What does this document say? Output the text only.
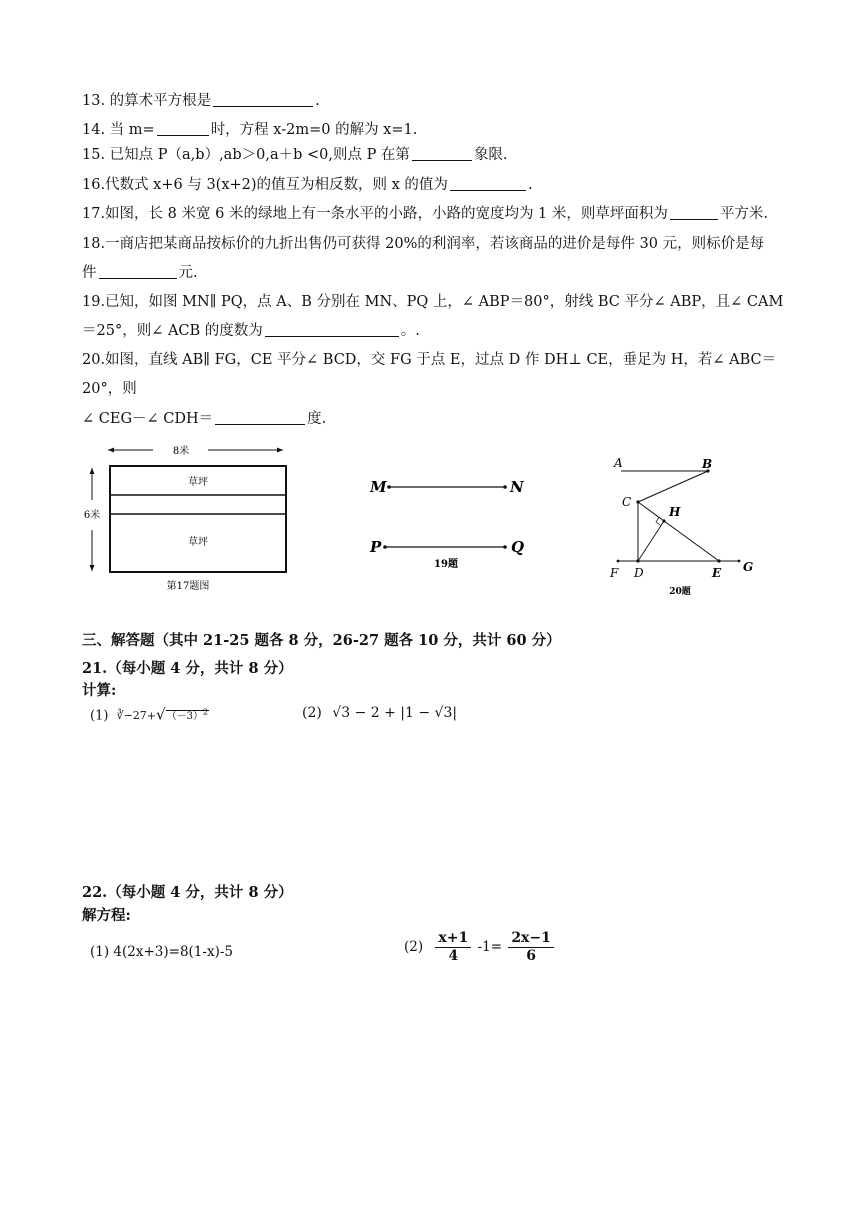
13. 的算术平方根是	.
14. 当 m=	时，方程 x-2m=0 的解为 x=1.
15. 已知点 P（a,b）,ab＞0,a＋b <0,则点 P 在第	象限.
16.代数式 x+6 与 3(x+2)的值互为相反数，则 x 的值为	.
17.如图，长 8 米宽 6 米的绿地上有一条水平的小路，小路的宽度均为 1 米，则草坪面积为	平方米.
18.一商店把某商品按标价的九折出售仍可获得 20%的利润率，若该商品的进价是每件 30 元，则标价是每
件	元.
19.已知，如图 MN∥ PQ，点 A、B 分别在 MN、PQ 上，∠ ABP＝80°，射线 BC 平分∠ ABP，且∠ CAM
＝25°，则∠ ACB 的度数为	。.
20.如图，直线 AB∥ FG，CE 平分∠ BCD，交 FG 于点 E，过点 D 作 DH⊥ CE，垂足为 H，若∠ ABC＝
20°，则
∠ CEG－∠ CDH＝	度.
8米
6米
草坪
草坪
第17题图
M	N
P	Q
19题
A	B
C
H
F D	E G
20题
三、解答题（其中 21-25 题各 8 分，26-27 题各 10 分，共计 60 分）
21.（每小题 4 分，共计 8 分）
计算:
(1) $∛-27+√(-3)^2$	(2) √3 − 2 + |1 − √3|
22.（每小题 4 分，共计 8 分）
解方程:
(1) 4(2x+3)=8(1-x)-5	$(2) \frac{x+1}{4} -1= \frac{2x-1}{6}$
